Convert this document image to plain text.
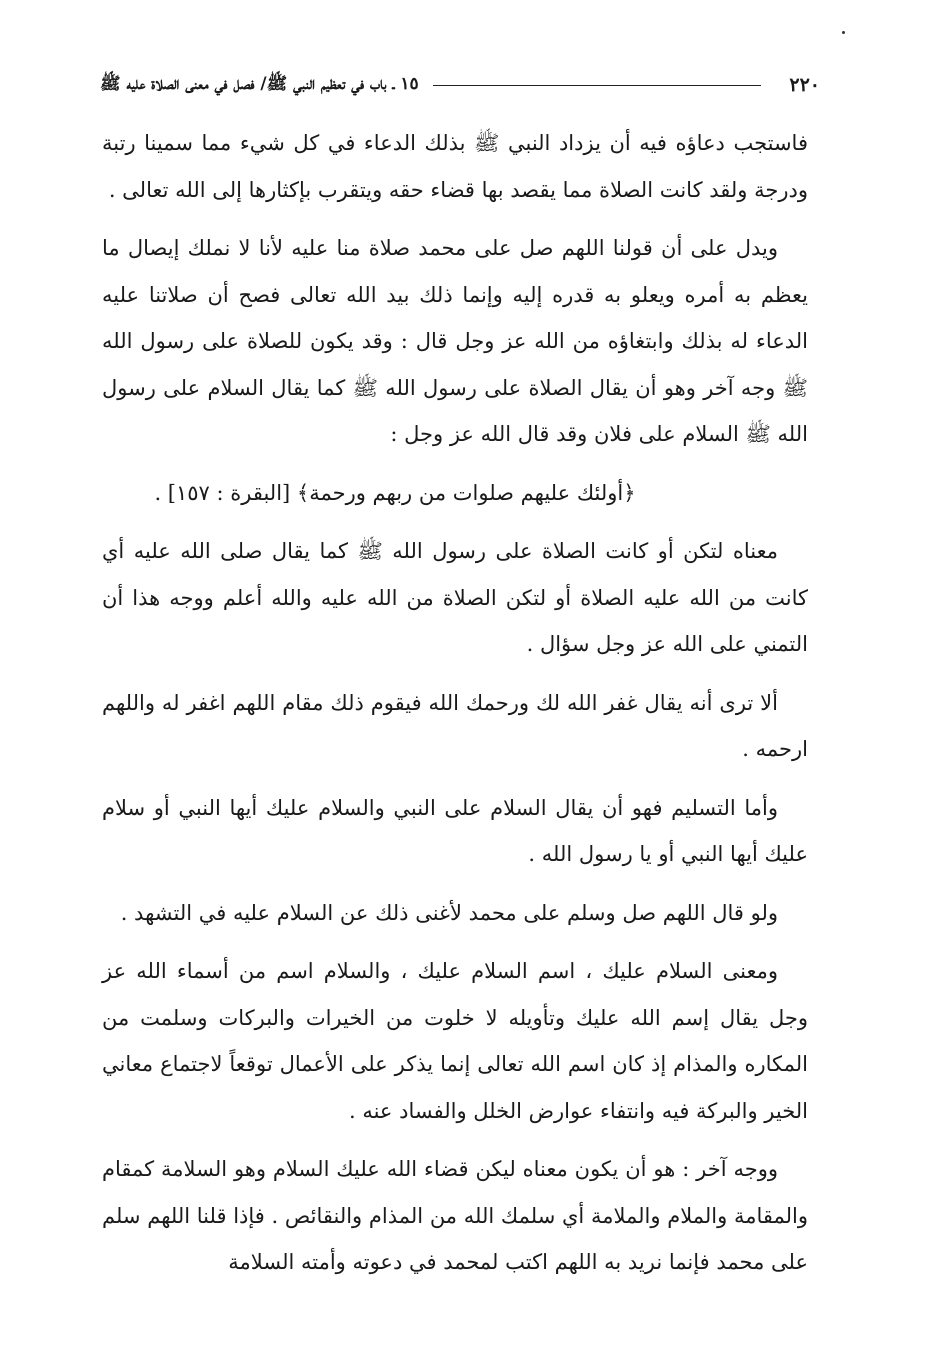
٢٢٠
١٥ ـ باب في تعظيم النبي ﷺ/ فصل في معنى الصلاة عليه ﷺ

فاستجب دعاؤه فيه أن يزداد النبي ﷺ بذلك الدعاء في كل شيء مما سمينا رتبة ودرجة ولقد كانت الصلاة مما يقصد بها قضاء حقه ويتقرب بإكثارها إلى الله تعالى .

ويدل على أن قولنا اللهم صل على محمد صلاة منا عليه لأنا لا نملك إيصال ما يعظم به أمره ويعلو به قدره إليه وإنما ذلك بيد الله تعالى فصح أن صلاتنا عليه الدعاء له بذلك وابتغاؤه من الله عز وجل قال : وقد يكون للصلاة على رسول الله ﷺ وجه آخر وهو أن يقال الصلاة على رسول الله ﷺ كما يقال السلام على رسول الله ﷺ السلام على فلان وقد قال الله عز وجل :

﴿أولئك عليهم صلوات من ربهم ورحمة﴾ [البقرة : ١٥٧] .

معناه لتكن أو كانت الصلاة على رسول الله ﷺ كما يقال صلى الله عليه أي كانت من الله عليه الصلاة أو لتكن الصلاة من الله عليه والله أعلم ووجه هذا أن التمني على الله عز وجل سؤال .

ألا ترى أنه يقال غفر الله لك ورحمك الله فيقوم ذلك مقام اللهم اغفر له واللهم ارحمه .

وأما التسليم فهو أن يقال السلام على النبي والسلام عليك أيها النبي أو سلام عليك أيها النبي أو يا رسول الله .

ولو قال اللهم صل وسلم على محمد لأغنى ذلك عن السلام عليه في التشهد .

ومعنى السلام عليك ، اسم السلام عليك ، والسلام اسم من أسماء الله عز وجل يقال إسم الله عليك وتأويله لا خلوت من الخيرات والبركات وسلمت من المكاره والمذام إذ كان اسم الله تعالى إنما يذكر على الأعمال توقعاً لاجتماع معاني الخير والبركة فيه وانتفاء عوارض الخلل والفساد عنه .

ووجه آخر : هو أن يكون معناه ليكن قضاء الله عليك السلام وهو السلامة كمقام والمقامة والملام والملامة أي سلمك الله من المذام والنقائص . فإذا قلنا اللهم سلم على محمد فإنما نريد به اللهم اكتب لمحمد في دعوته وأمته السلامة
